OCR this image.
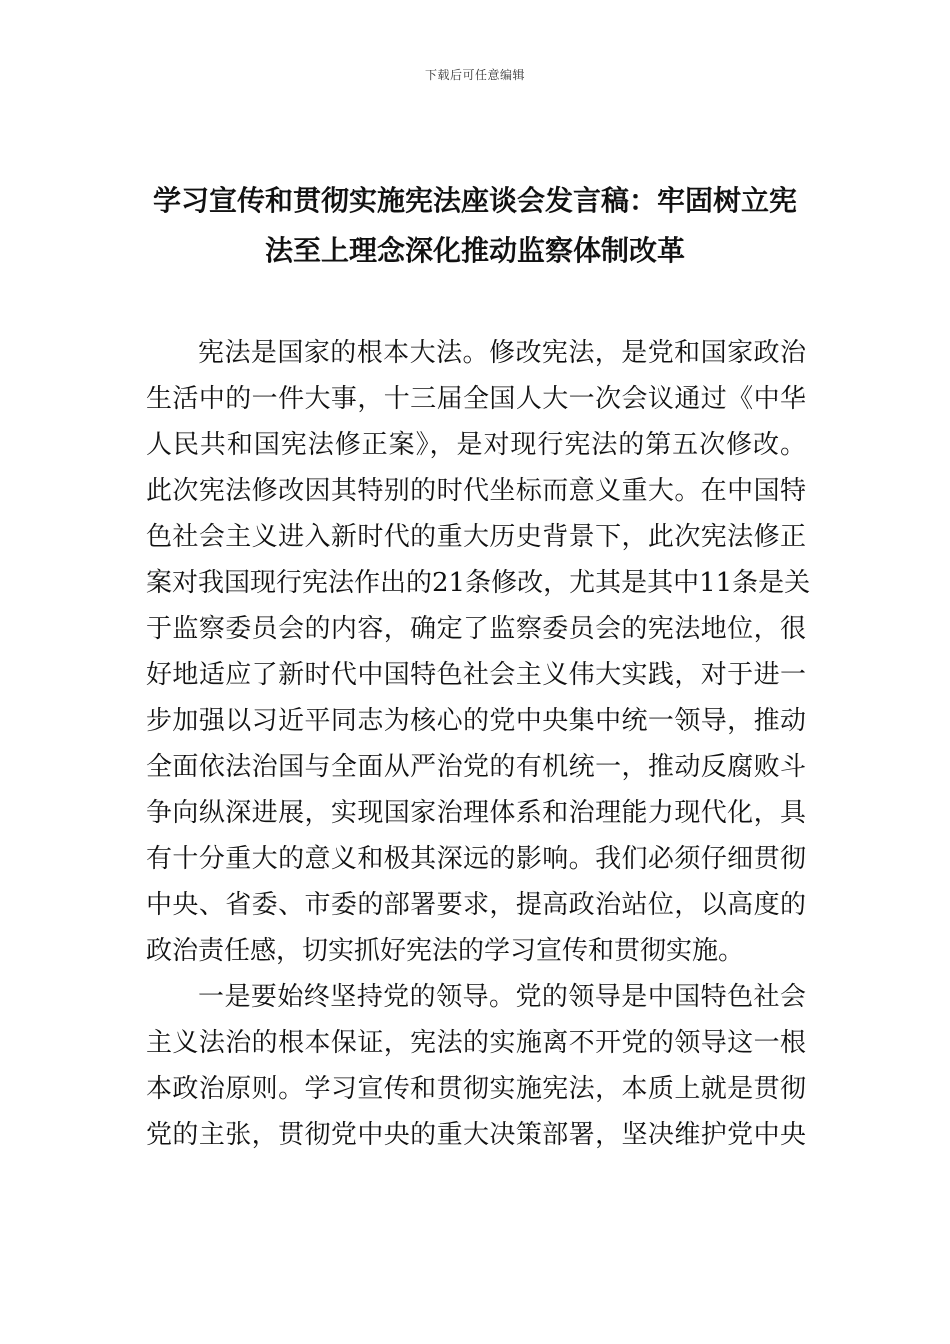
下载后可任意编辑
学习宣传和贯彻实施宪法座谈会发言稿：牢固树立宪
法至上理念深化推动监察体制改革
宪法是国家的根本大法。修改宪法，是党和国家政治
生活中的一件大事，十三届全国人大一次会议通过《中华
人民共和国宪法修正案》，是对现行宪法的第五次修改。
此次宪法修改因其特别的时代坐标而意义重大。在中国特
色社会主义进入新时代的重大历史背景下，此次宪法修正
案对我国现行宪法作出的21条修改，尤其是其中11条是关
于监察委员会的内容，确定了监察委员会的宪法地位，很
好地适应了新时代中国特色社会主义伟大实践，对于进一
步加强以习近平同志为核心的党中央集中统一领导，推动
全面依法治国与全面从严治党的有机统一，推动反腐败斗
争向纵深进展，实现国家治理体系和治理能力现代化，具
有十分重大的意义和极其深远的影响。我们必须仔细贯彻
中央、省委、市委的部署要求，提高政治站位，以高度的
政治责任感，切实抓好宪法的学习宣传和贯彻实施。
一是要始终坚持党的领导。党的领导是中国特色社会
主义法治的根本保证，宪法的实施离不开党的领导这一根
本政治原则。学习宣传和贯彻实施宪法，本质上就是贯彻
党的主张，贯彻党中央的重大决策部署，坚决维护党中央
